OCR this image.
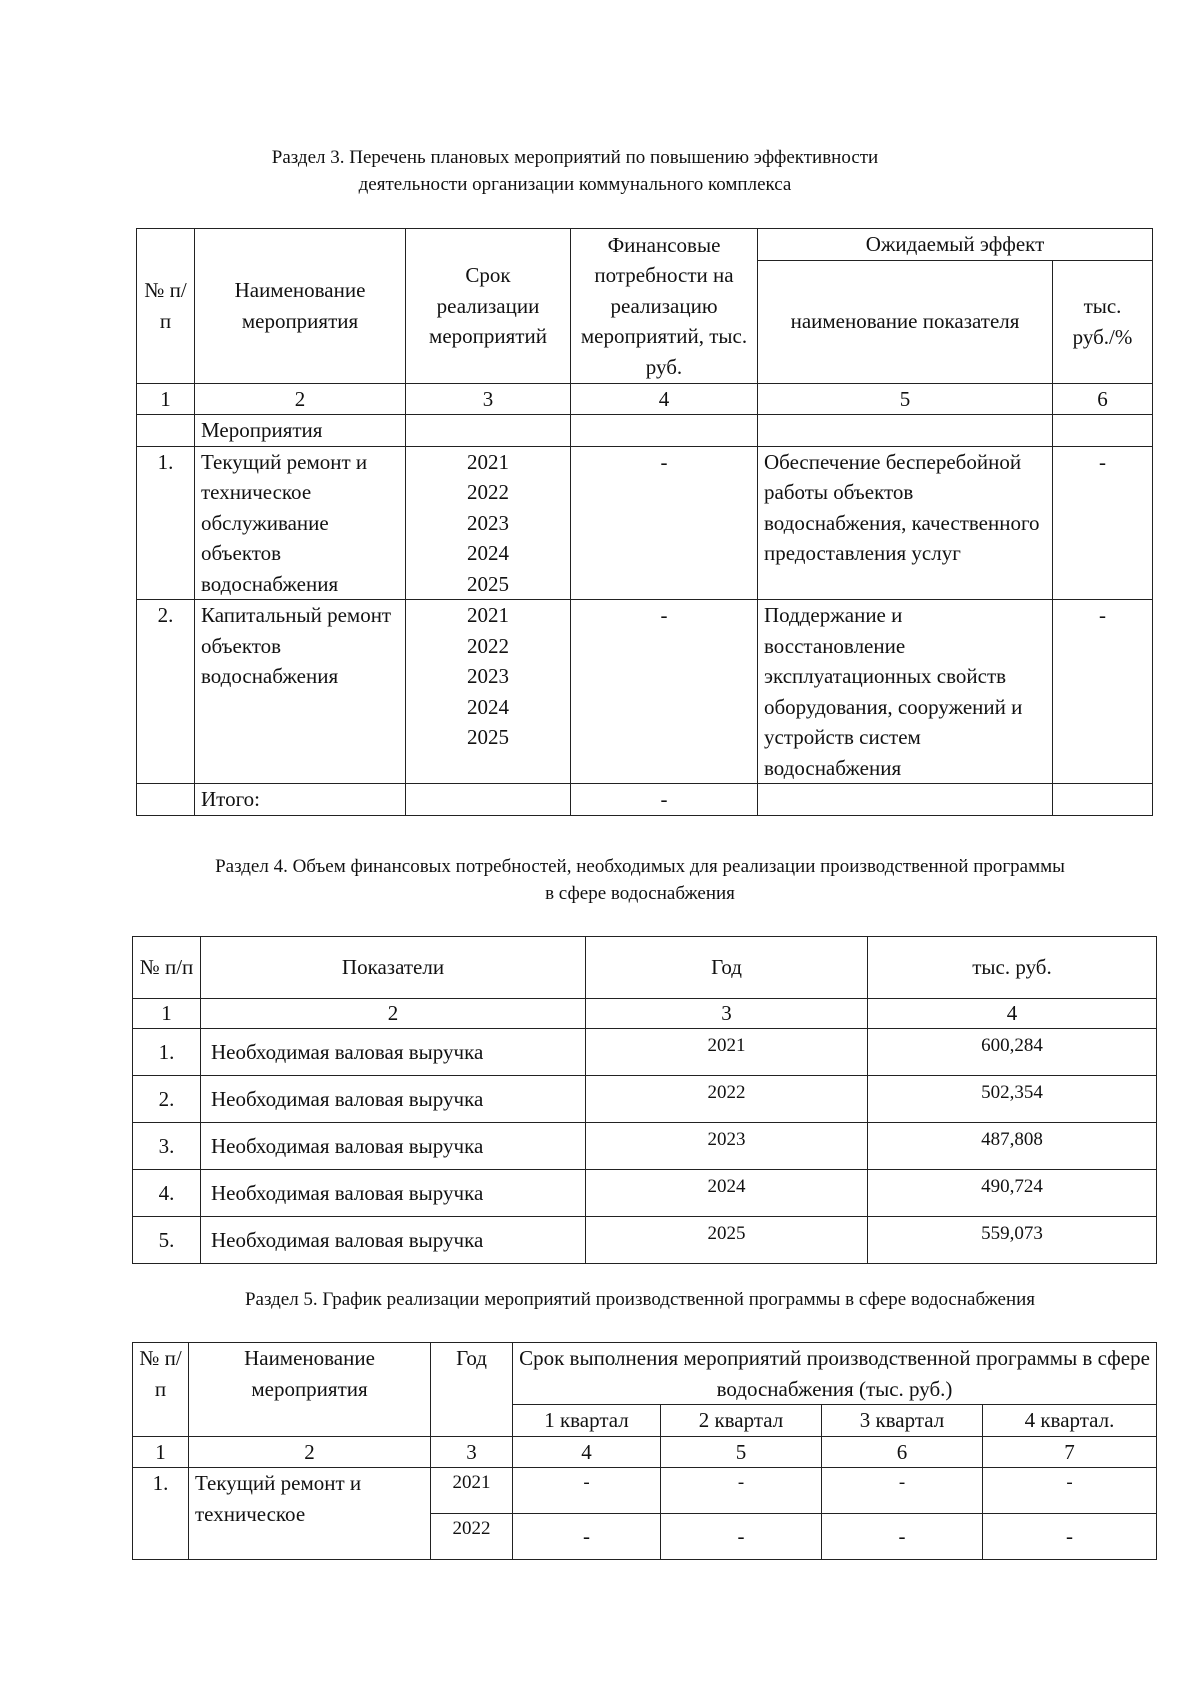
Раздел 3. Перечень плановых мероприятий по повышению эффективности
деятельности организации коммунального комплекса
№ п/п	Наименование мероприятия	Срок реализации мероприятий	Финансовые потребности на реализацию мероприятий, тыс. руб.	Ожидаемый эффект	
				наименование показателя	тыс. руб./%
1	2	3	4	5	6
	Мероприятия				
1.	Текущий ремонт и техническое обслуживание объектов водоснабжения	2021
2022
2023
2024
2025	-	Обеспечение бесперебойной работы объектов водоснабжения, качественного предоставления услуг	-
2.	Капитальный ремонт объектов водоснабжения	2021
2022
2023
2024
2025	-	Поддержание и восстановление эксплуатационных свойств оборудования, сооружений и устройств систем водоснабжения	-
	Итого:		-		
Раздел 4. Объем финансовых потребностей, необходимых для реализации производственной программы
в сфере водоснабжения
№ п/п	Показатели	Год	тыс. руб.
1	2	3	4
1.	Необходимая валовая выручка	2021	600,284
2.	Необходимая валовая выручка	2022	502,354
3.	Необходимая валовая выручка	2023	487,808
4.	Необходимая валовая выручка	2024	490,724
5.	Необходимая валовая выручка	2025	559,073
Раздел 5. График реализации мероприятий производственной программы в сфере водоснабжения
№ п/п	Наименование мероприятия	Год	Срок выполнения мероприятий производственной программы в сфере водоснабжения (тыс. руб.)			
			1 квартал	2 квартал	3 квартал	4 квартал.
1	2	3	4	5	6	7
1.	Текущий ремонт и техническое	2021	-	-	-	-
		2022	-	-	-	-
